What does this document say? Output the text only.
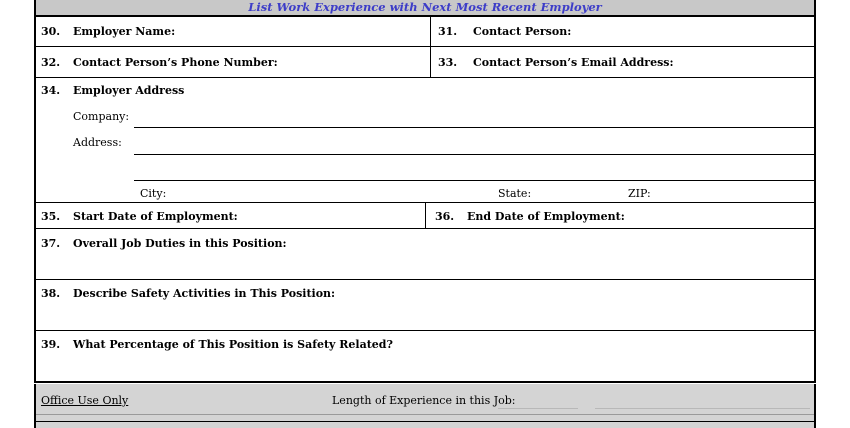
List Work Experience with Next Most Recent Employer
30. Employer Name:	31. Contact Person:
32. Contact Person’s Phone Number:	33. Contact Person’s Email Address:
34. Employer Address
Company:
Address:
City:	State:	ZIP:
35. Start Date of Employment:	36. End Date of Employment:
37. Overall Job Duties in this Position:
38. Describe Safety Activities in This Position:
39. What Percentage of This Position is Safety Related?
Office Use Only	Length of Experience in this Job:
